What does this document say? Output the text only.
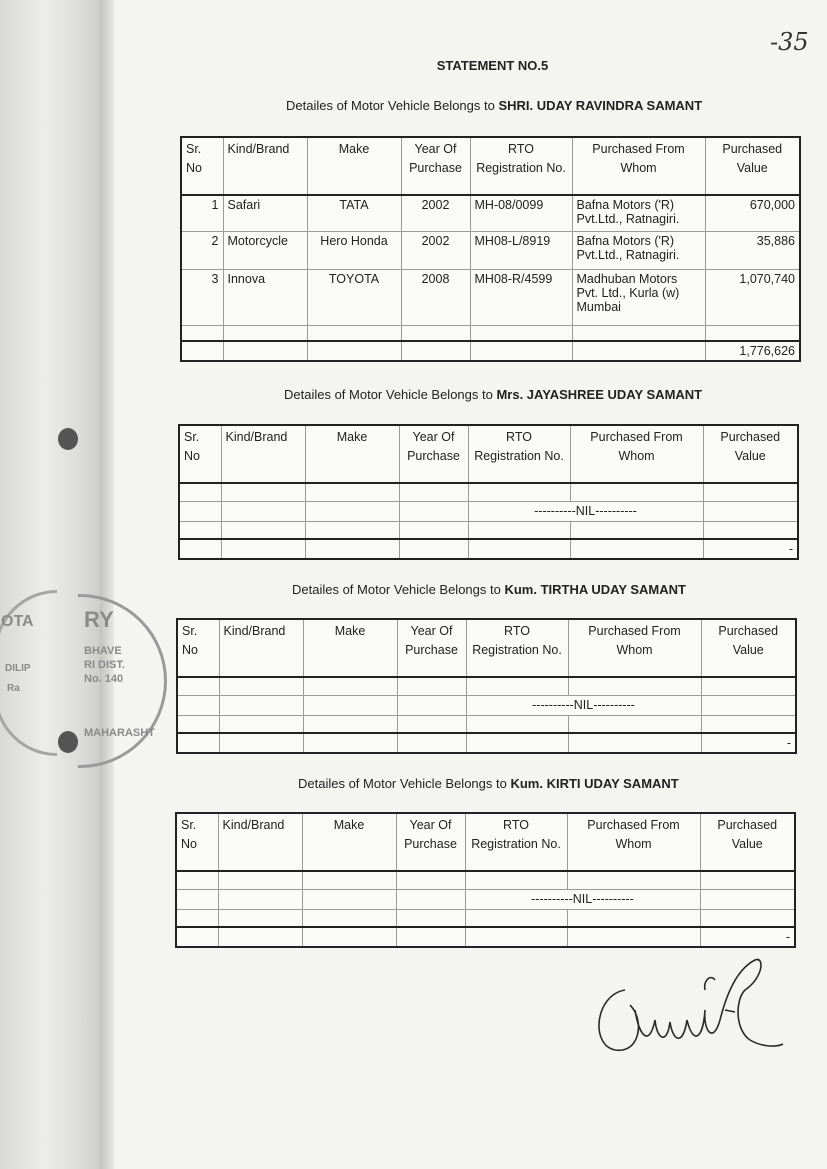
OTA
DILIP
Ra
RY
BHAVE
RI DIST.
No. 140
MAHARASHT
-35
STATEMENT NO.5
Detailes of Motor Vehicle Belongs to SHRI. UDAY RAVINDRA SAMANT
Sr. No	Kind/Brand	Make	Year Of Purchase	RTO Registration No.	Purchased From Whom	Purchased Value
1	Safari	TATA	2002	MH-08/0099	Bafna Motors ('R) Pvt.Ltd., Ratnagiri.	670,000
2	Motorcycle	Hero Honda	2002	MH08-L/8919	Bafna Motors ('R) Pvt.Ltd., Ratnagiri.	35,886
3	Innova	TOYOTA	2008	MH08-R/4599	Madhuban Motors Pvt. Ltd., Kurla (w) Mumbai	1,070,740

						1,776,626
Detailes of Motor Vehicle Belongs to Mrs. JAYASHREE UDAY SAMANT
Sr. No	Kind/Brand	Make	Year Of Purchase	RTO Registration No.	Purchased From Whom	Purchased Value

				----------NIL----------		

						-
Detailes of Motor Vehicle Belongs to Kum. TIRTHA UDAY SAMANT
Sr. No	Kind/Brand	Make	Year Of Purchase	RTO Registration No.	Purchased From Whom	Purchased Value

				----------NIL----------		

						-
Detailes of Motor Vehicle Belongs to Kum. KIRTI UDAY SAMANT
Sr. No	Kind/Brand	Make	Year Of Purchase	RTO Registration No.	Purchased From Whom	Purchased Value

				----------NIL----------		

						-
